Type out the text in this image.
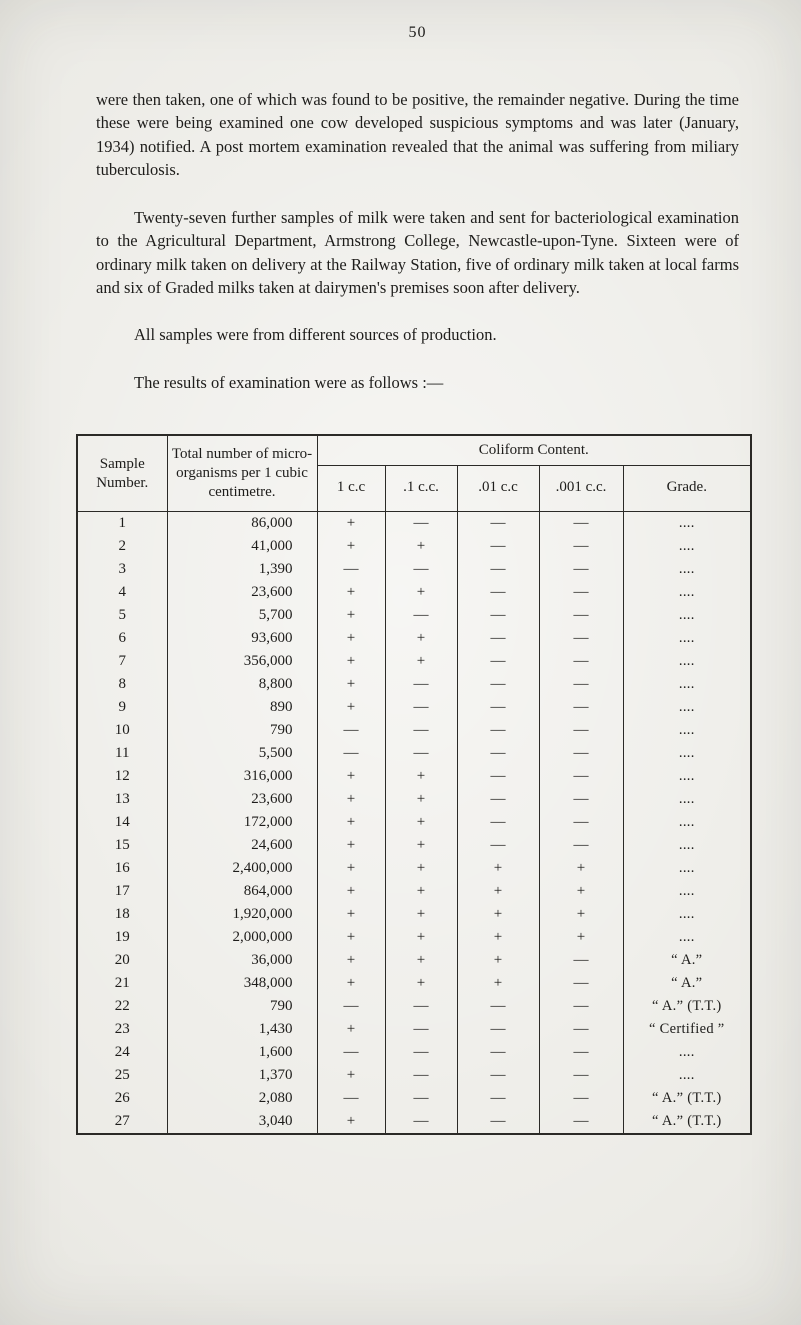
50

were then taken, one of which was found to be positive, the remainder negative. During the time these were being examined one cow developed suspicious symptoms and was later (January, 1934) notified. A post mortem examination revealed that the animal was suffering from miliary tuberculosis.

Twenty-seven further samples of milk were taken and sent for bacteriological examination to the Agricultural Department, Armstrong College, Newcastle-upon-Tyne. Sixteen were of ordinary milk taken on delivery at the Railway Station, five of ordinary milk taken at local farms and six of Graded milks taken at dairymen's premises soon after delivery.

All samples were from different sources of production.

The results of examination were as follows :—

Sample Number.	Total number of micro-organisms per 1 cubic centimetre.	Coliform Content.				
		1 c.c	.1 c.c.	.01 c.c	.001 c.c.	Grade.
1	86,000	+	—	—	—	....
2	41,000	+	+	—	—	....
3	1,390	—	—	—	—	....
4	23,600	+	+	—	—	....
5	5,700	+	—	—	—	....
6	93,600	+	+	—	—	....
7	356,000	+	+	—	—	....
8	8,800	+	—	—	—	....
9	890	+	—	—	—	....
10	790	—	—	—	—	....
11	5,500	—	—	—	—	....
12	316,000	+	+	—	—	....
13	23,600	+	+	—	—	....
14	172,000	+	+	—	—	....
15	24,600	+	+	—	—	....
16	2,400,000	+	+	+	+	....
17	864,000	+	+	+	+	....
18	1,920,000	+	+	+	+	....
19	2,000,000	+	+	+	+	....
20	36,000	+	+	+	—	“ A.”
21	348,000	+	+	+	—	“ A.”
22	790	—	—	—	—	“ A.” (T.T.)
23	1,430	+	—	—	—	“ Certified ”
24	1,600	—	—	—	—	....
25	1,370	+	—	—	—	....
26	2,080	—	—	—	—	“ A.” (T.T.)
27	3,040	+	—	—	—	“ A.” (T.T.)
